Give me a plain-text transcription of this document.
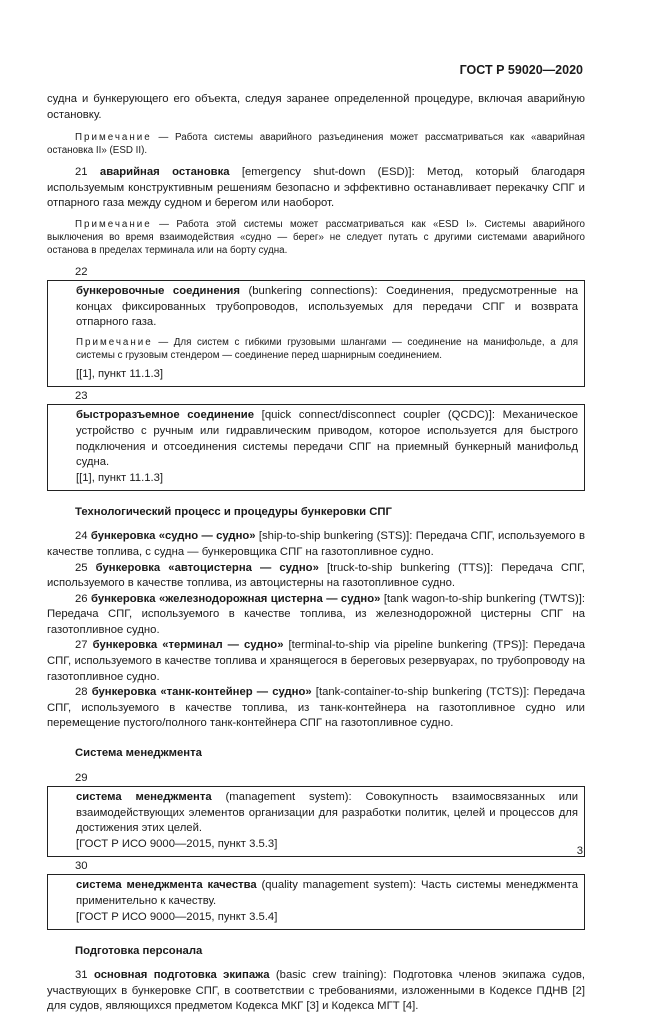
ГОСТ Р 59020—2020

судна и бункерующего его объекта, следуя заранее определенной процедуре, включая аварийную остановку.

Примечание — Работа системы аварийного разъединения может рассматриваться как «аварийная остановка II» (ESD II).

21 аварийная остановка [emergency shut-down (ESD)]: Метод, который благодаря используемым конструктивным решениям безопасно и эффективно останавливает перекачку СПГ и отпарного газа между судном и берегом или наоборот.

Примечание — Работа этой системы может рассматриваться как «ESD I». Системы аварийного выключения во время взаимодействия «судно — берег» не следует путать с другими системами аварийного останова в пределах терминала или на борту судна.

22

бункеровочные соединения (bunkering connections): Соединения, предусмотренные на концах фиксированных трубопроводов, используемых для передачи СПГ и возврата отпарного газа.

Примечание — Для систем с гибкими грузовыми шлангами — соединение на манифольде, а для системы с грузовым стендером — соединение перед шарнирным соединением.

[[1], пункт 11.1.3]

23

быстроразъемное соединение [quick connect/disconnect coupler (QCDC)]: Механическое устройство с ручным или гидравлическим приводом, которое используется для быстрого подключения и отсоединения системы передачи СПГ на приемный бункерный манифольд судна.

[[1], пункт 11.1.3]

Технологический процесс и процедуры бункеровки СПГ

24 бункеровка «судно — судно» [ship-to-ship bunkering (STS)]: Передача СПГ, используемого в качестве топлива, с судна — бункеровщика СПГ на газотопливное судно.

25 бункеровка «автоцистерна — судно» [truck-to-ship bunkering (TTS)]: Передача СПГ, используемого в качестве топлива, из автоцистерны на газотопливное судно.

26 бункеровка «железнодорожная цистерна — судно» [tank wagon-to-ship bunkering (TWTS)]: Передача СПГ, используемого в качестве топлива, из железнодорожной цистерны СПГ на газотопливное судно.

27 бункеровка «терминал — судно» [terminal-to-ship via pipeline bunkering (TPS)]: Передача СПГ, используемого в качестве топлива и хранящегося в береговых резервуарах, по трубопроводу на газотопливное судно.

28 бункеровка «танк-контейнер — судно» [tank-container-to-ship bunkering (TCTS)]: Передача СПГ, используемого в качестве топлива, из танк-контейнера на газотопливное судно или перемещение пустого/полного танк-контейнера СПГ на газотопливное судно.

Система менеджмента

29

система менеджмента (management system): Совокупность взаимосвязанных или взаимодействующих элементов организации для разработки политик, целей и процессов для достижения этих целей.

[ГОСТ Р ИСО 9000—2015, пункт 3.5.3]

30

система менеджмента качества (quality management system): Часть системы менеджмента применительно к качеству.

[ГОСТ Р ИСО 9000—2015, пункт 3.5.4]

Подготовка персонала

31 основная подготовка экипажа (basic crew training): Подготовка членов экипажа судов, участвующих в бункеровке СПГ, в соответствии с требованиями, изложенными в Кодексе ПДНВ [2] для судов, являющихся предметом Кодекса МКГ [3] и Кодекса МГТ [4].

3
